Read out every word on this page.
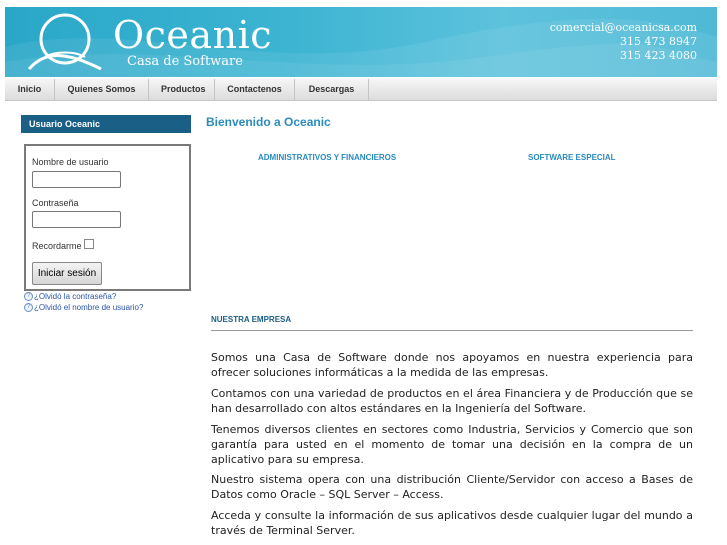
Oceanic
Casa de Software
comercial@oceanicsa.com
315 473 8947
315 423 4080
Inicio	Quienes Somos	Productos	Contactenos	Descargas
Usuario Oceanic
Nombre de usuario
Contraseña
Recordarme
Iniciar sesión
? ¿Olvidó la contraseña?
? ¿Olvidó el nombre de usuario?
Bienvenido a Oceanic
ADMINISTRATIVOS Y FINANCIEROS	SOFTWARE ESPECIAL
NUESTRA EMPRESA
Somos una Casa de Software donde nos apoyamos en nuestra experiencia para ofrecer soluciones informáticas a la medida de las empresas.
Contamos con una variedad de productos en el área Financiera y de Producción que se han desarrollado con altos estándares en la Ingeniería del Software.
Tenemos diversos clientes en sectores como Industria, Servicios y Comercio que son garantía para usted en el momento de tomar una decisión en la compra de un aplicativo para su empresa.
Nuestro sistema opera con una distribución Cliente/Servidor con acceso a Bases de Datos como Oracle – SQL Server – Access.
Acceda y consulte la información de sus aplicativos desde cualquier lugar del mundo a través de Terminal Server.
